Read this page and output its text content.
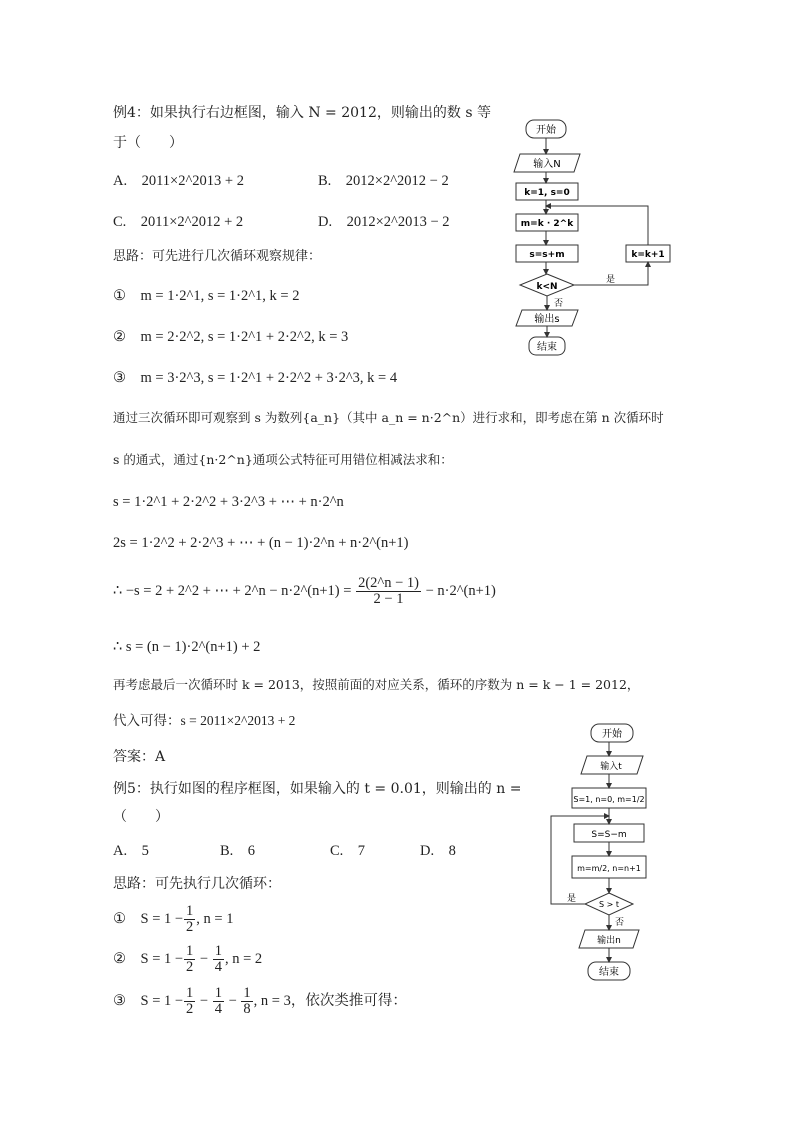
例4：如果执行右边框图，输入 N = 2012，则输出的数 s 等
于（　　）
A.　2011×2^2013 + 2	B.　2012×2^2012 − 2
C.　2011×2^2012 + 2	D.　2012×2^2013 − 2
思路：可先进行几次循环观察规律：
①　m = 1·2^1, s = 1·2^1, k = 2
②　m = 2·2^2, s = 1·2^1 + 2·2^2, k = 3
③　m = 3·2^3, s = 1·2^1 + 2·2^2 + 3·2^3, k = 4
通过三次循环即可观察到 s 为数列{a_n}（其中 a_n = n·2^n）进行求和，即考虑在第 n 次循环时
s 的通式，通过{n·2^n}通项公式特征可用错位相减法求和：
s = 1·2^1 + 2·2^2 + 3·2^3 + ⋯ + n·2^n
2s = 1·2^2 + 2·2^3 + ⋯ + (n − 1)·2^n + n·2^(n+1)
∴ −s = 2 + 2^2 + ⋯ + 2^n − n·2^(n+1) = $\frac{2(2\^{}n - 1)}{2 - 1}$ − n·2^(n+1)
∴ s = (n − 1)·2^(n+1) + 2
再考虑最后一次循环时 k = 2013，按照前面的对应关系，循环的序数为 n = k − 1 = 2012，
代入可得：s = 2011×2^2013 + 2
答案：A
开始
输入N
k=1, s=0
m=k · 2^k
s=s+m
k<N
是
否
输出s
结束
k=k+1
例5：执行如图的程序框图，如果输入的 t = 0.01，则输出的 n =
（　　）
A.　5	B.　6	C.　7	D.　8
思路：可先执行几次循环：
①　$S = 1 - \frac{1}{2}$ , n = 1
②　$S = 1 - \frac{1}{2} - \frac{1}{4}$ , n = 2
③　$S = 1 - \frac{1}{2} - \frac{1}{4} - \frac{1}{8}$ , n = 3，依次类推可得：
开始
输入t
S=1, n=0, m=1/2
S=S−m
m=m/2, n=n+1
S > t
是
否
输出n
结束
